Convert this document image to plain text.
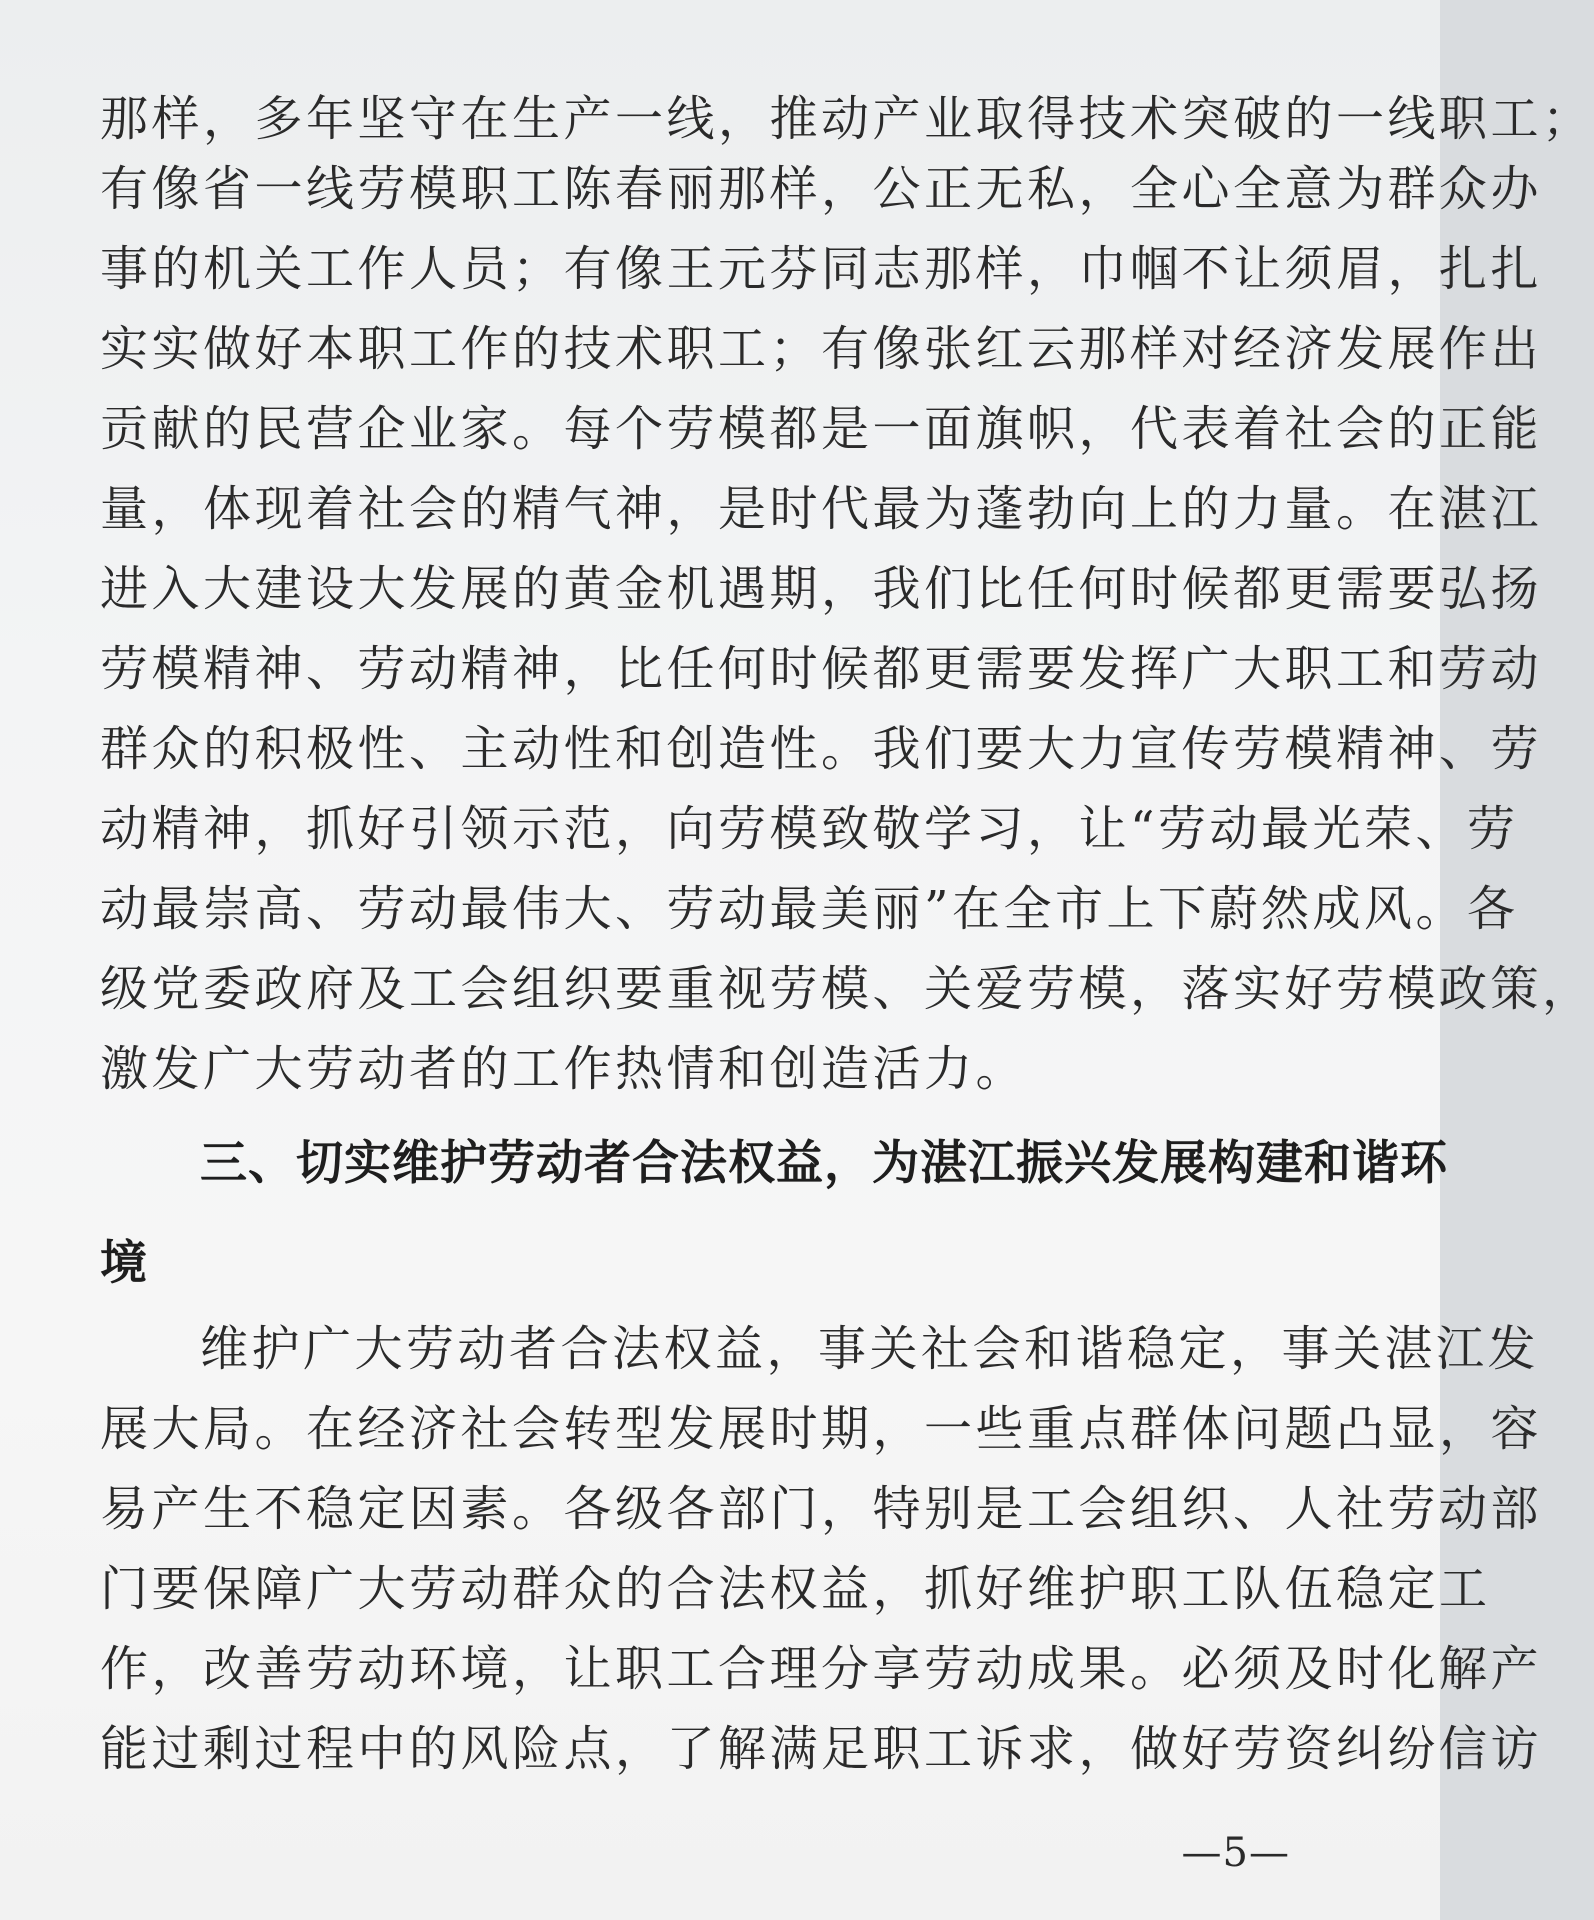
那样，多年坚守在生产一线，推动产业取得技术突破的一线职工；
有像省一线劳模职工陈春丽那样，公正无私，全心全意为群众办
事的机关工作人员；有像王元芬同志那样，巾帼不让须眉，扎扎
实实做好本职工作的技术职工；有像张红云那样对经济发展作出
贡献的民营企业家。每个劳模都是一面旗帜，代表着社会的正能
量，体现着社会的精气神，是时代最为蓬勃向上的力量。在湛江
进入大建设大发展的黄金机遇期，我们比任何时候都更需要弘扬
劳模精神、劳动精神，比任何时候都更需要发挥广大职工和劳动
群众的积极性、主动性和创造性。我们要大力宣传劳模精神、劳
动精神，抓好引领示范，向劳模致敬学习，让“劳动最光荣、劳
动最崇高、劳动最伟大、劳动最美丽”在全市上下蔚然成风。各
级党委政府及工会组织要重视劳模、关爱劳模，落实好劳模政策，
激发广大劳动者的工作热情和创造活力。
三、切实维护劳动者合法权益，为湛江振兴发展构建和谐环
境
维护广大劳动者合法权益，事关社会和谐稳定，事关湛江发
展大局。在经济社会转型发展时期，一些重点群体问题凸显，容
易产生不稳定因素。各级各部门，特别是工会组织、人社劳动部
门要保障广大劳动群众的合法权益，抓好维护职工队伍稳定工
作，改善劳动环境，让职工合理分享劳动成果。必须及时化解产
能过剩过程中的风险点，了解满足职工诉求，做好劳资纠纷信访
—5—
